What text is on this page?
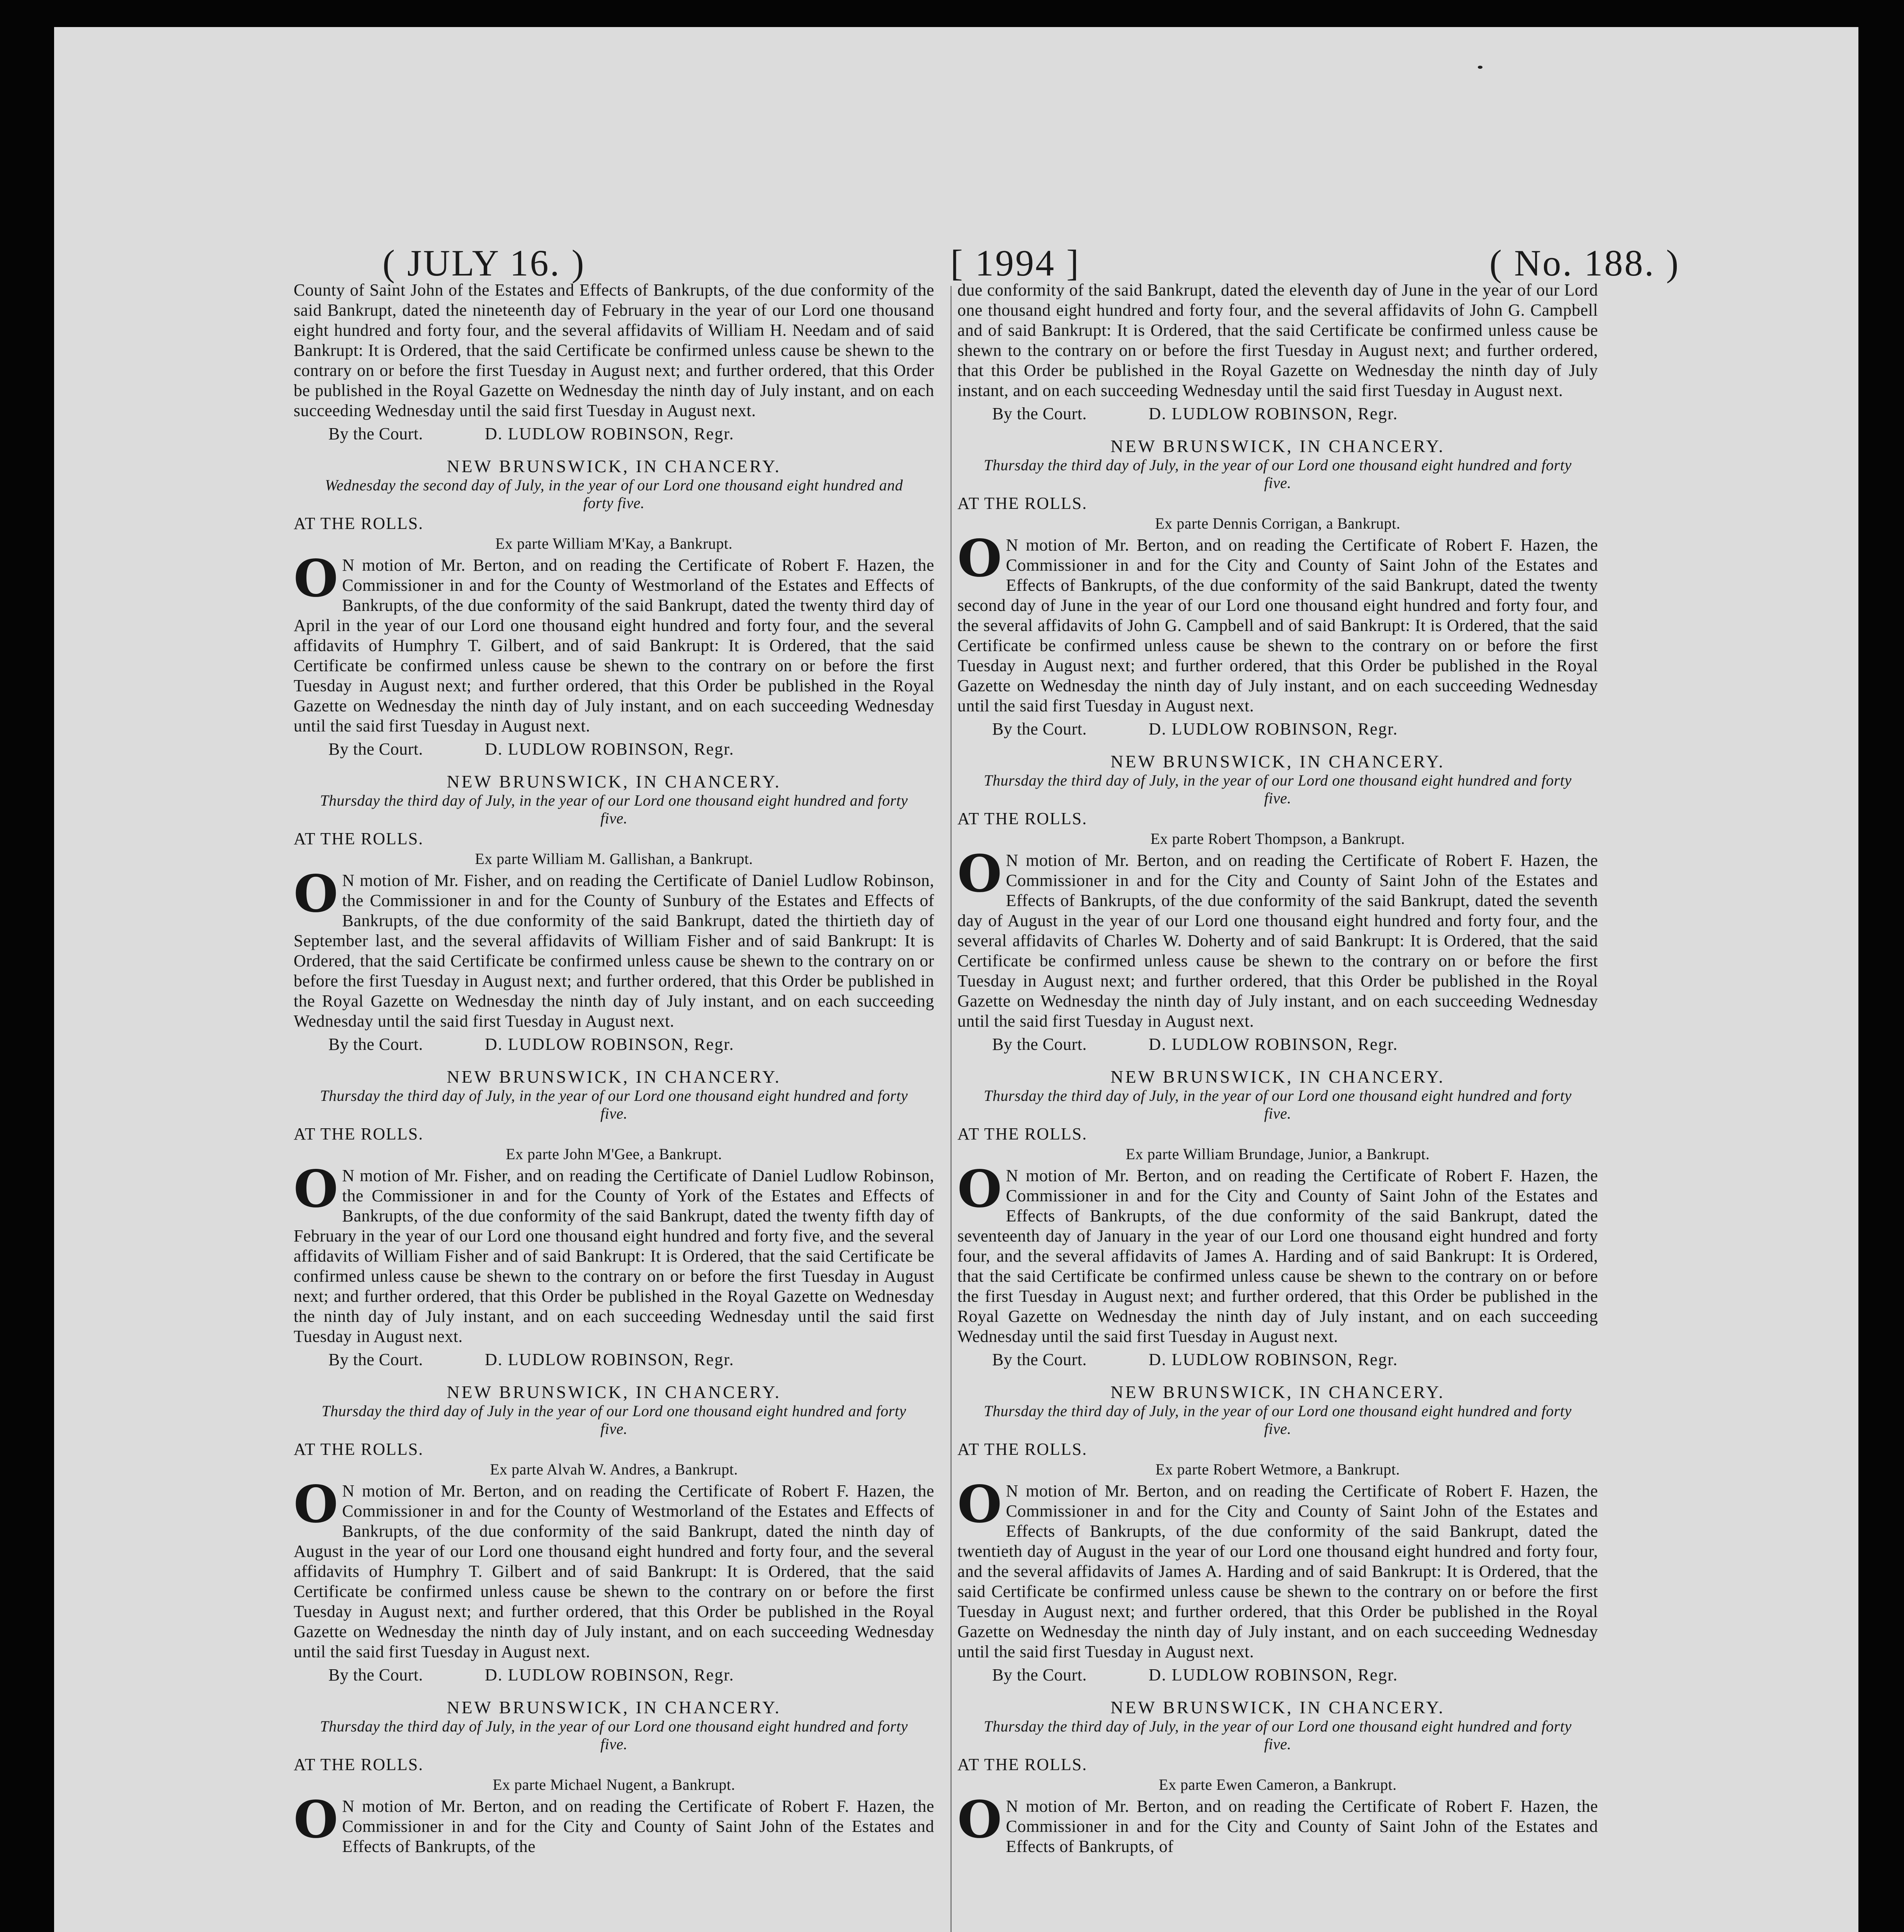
( JULY 16. )	[ 1994 ]	( No. 188. )

County of Saint John of the Estates and Effects of Bankrupts, of the due conformity of the said Bankrupt, dated the nineteenth day of February in the year of our Lord one thousand eight hundred and forty four, and the several affidavits of William H. Needam and of said Bankrupt: It is Ordered, that the said Certificate be confirmed unless cause be shewn to the contrary on or before the first Tuesday in August next; and further ordered, that this Order be published in the Royal Gazette on Wednesday the ninth day of July instant, and on each succeeding Wednesday until the said first Tuesday in August next.

By the Court.	D. LUDLOW ROBINSON, Regr.

NEW BRUNSWICK, IN CHANCERY.

Wednesday the second day of July, in the year of our Lord one thousand eight hundred and forty five.

AT THE ROLLS.

Ex parte William M'Kay, a Bankrupt.

O N motion of Mr. Berton, and on reading the Certificate of Robert F. Hazen, the Commissioner in and for the County of Westmorland of the Estates and Effects of Bankrupts, of the due conformity of the said Bankrupt, dated the twenty third day of April in the year of our Lord one thousand eight hundred and forty four, and the several affidavits of Humphry T. Gilbert, and of said Bankrupt: It is Ordered, that the said Certificate be confirmed unless cause be shewn to the contrary on or before the first Tuesday in August next; and further ordered, that this Order be published in the Royal Gazette on Wednesday the ninth day of July instant, and on each succeeding Wednesday until the said first Tuesday in August next.

By the Court.	D. LUDLOW ROBINSON, Regr.

NEW BRUNSWICK, IN CHANCERY.

Thursday the third day of July, in the year of our Lord one thousand eight hundred and forty five.

AT THE ROLLS.

Ex parte William M. Gallishan, a Bankrupt.

O N motion of Mr. Fisher, and on reading the Certificate of Daniel Ludlow Robinson, the Commissioner in and for the County of Sunbury of the Estates and Effects of Bankrupts, of the due conformity of the said Bankrupt, dated the thirtieth day of September last, and the several affidavits of William Fisher and of said Bankrupt: It is Ordered, that the said Certificate be confirmed unless cause be shewn to the contrary on or before the first Tuesday in August next; and further ordered, that this Order be published in the Royal Gazette on Wednesday the ninth day of July instant, and on each succeeding Wednesday until the said first Tuesday in August next.

By the Court.	D. LUDLOW ROBINSON, Regr.

NEW BRUNSWICK, IN CHANCERY.

Thursday the third day of July, in the year of our Lord one thousand eight hundred and forty five.

AT THE ROLLS.

Ex parte John M'Gee, a Bankrupt.

O N motion of Mr. Fisher, and on reading the Certificate of Daniel Ludlow Robinson, the Commissioner in and for the County of York of the Estates and Effects of Bankrupts, of the due conformity of the said Bankrupt, dated the twenty fifth day of February in the year of our Lord one thousand eight hundred and forty five, and the several affidavits of William Fisher and of said Bankrupt: It is Ordered, that the said Certificate be confirmed unless cause be shewn to the contrary on or before the first Tuesday in August next; and further ordered, that this Order be published in the Royal Gazette on Wednesday the ninth day of July instant, and on each succeeding Wednesday until the said first Tuesday in August next.

By the Court.	D. LUDLOW ROBINSON, Regr.

NEW BRUNSWICK, IN CHANCERY.

Thursday the third day of July in the year of our Lord one thousand eight hundred and forty five.

AT THE ROLLS.

Ex parte Alvah W. Andres, a Bankrupt.

O N motion of Mr. Berton, and on reading the Certificate of Robert F. Hazen, the Commissioner in and for the County of Westmorland of the Estates and Effects of Bankrupts, of the due conformity of the said Bankrupt, dated the ninth day of August in the year of our Lord one thousand eight hundred and forty four, and the several affidavits of Humphry T. Gilbert and of said Bankrupt: It is Ordered, that the said Certificate be confirmed unless cause be shewn to the contrary on or before the first Tuesday in August next; and further ordered, that this Order be published in the Royal Gazette on Wednesday the ninth day of July instant, and on each succeeding Wednesday until the said first Tuesday in August next.

By the Court.	D. LUDLOW ROBINSON, Regr.

NEW BRUNSWICK, IN CHANCERY.

Thursday the third day of July, in the year of our Lord one thousand eight hundred and forty five.

AT THE ROLLS.

Ex parte Michael Nugent, a Bankrupt.

O N motion of Mr. Berton, and on reading the Certificate of Robert F. Hazen, the Commissioner in and for the City and County of Saint John of the Estates and Effects of Bankrupts, of the

due conformity of the said Bankrupt, dated the eleventh day of June in the year of our Lord one thousand eight hundred and forty four, and the several affidavits of John G. Campbell and of said Bankrupt: It is Ordered, that the said Certificate be confirmed unless cause be shewn to the contrary on or before the first Tuesday in August next; and further ordered, that this Order be published in the Royal Gazette on Wednesday the ninth day of July instant, and on each succeeding Wednesday until the said first Tuesday in August next.

By the Court.	D. LUDLOW ROBINSON, Regr.

NEW BRUNSWICK, IN CHANCERY.

Thursday the third day of July, in the year of our Lord one thousand eight hundred and forty five.

AT THE ROLLS.

Ex parte Dennis Corrigan, a Bankrupt.

O N motion of Mr. Berton, and on reading the Certificate of Robert F. Hazen, the Commissioner in and for the City and County of Saint John of the Estates and Effects of Bankrupts, of the due conformity of the said Bankrupt, dated the twenty second day of June in the year of our Lord one thousand eight hundred and forty four, and the several affidavits of John G. Campbell and of said Bankrupt: It is Ordered, that the said Certificate be confirmed unless cause be shewn to the contrary on or before the first Tuesday in August next; and further ordered, that this Order be published in the Royal Gazette on Wednesday the ninth day of July instant, and on each succeeding Wednesday until the said first Tuesday in August next.

By the Court.	D. LUDLOW ROBINSON, Regr.

NEW BRUNSWICK, IN CHANCERY.

Thursday the third day of July, in the year of our Lord one thousand eight hundred and forty five.

AT THE ROLLS.

Ex parte Robert Thompson, a Bankrupt.

O N motion of Mr. Berton, and on reading the Certificate of Robert F. Hazen, the Commissioner in and for the City and County of Saint John of the Estates and Effects of Bankrupts, of the due conformity of the said Bankrupt, dated the seventh day of August in the year of our Lord one thousand eight hundred and forty four, and the several affidavits of Charles W. Doherty and of said Bankrupt: It is Ordered, that the said Certificate be confirmed unless cause be shewn to the contrary on or before the first Tuesday in August next; and further ordered, that this Order be published in the Royal Gazette on Wednesday the ninth day of July instant, and on each succeeding Wednesday until the said first Tuesday in August next.

By the Court.	D. LUDLOW ROBINSON, Regr.

NEW BRUNSWICK, IN CHANCERY.

Thursday the third day of July, in the year of our Lord one thousand eight hundred and forty five.

AT THE ROLLS.

Ex parte William Brundage, Junior, a Bankrupt.

O N motion of Mr. Berton, and on reading the Certificate of Robert F. Hazen, the Commissioner in and for the City and County of Saint John of the Estates and Effects of Bankrupts, of the due conformity of the said Bankrupt, dated the seventeenth day of January in the year of our Lord one thousand eight hundred and forty four, and the several affidavits of James A. Harding and of said Bankrupt: It is Ordered, that the said Certificate be confirmed unless cause be shewn to the contrary on or before the first Tuesday in August next; and further ordered, that this Order be published in the Royal Gazette on Wednesday the ninth day of July instant, and on each succeeding Wednesday until the said first Tuesday in August next.

By the Court.	D. LUDLOW ROBINSON, Regr.

NEW BRUNSWICK, IN CHANCERY.

Thursday the third day of July, in the year of our Lord one thousand eight hundred and forty five.

AT THE ROLLS.

Ex parte Robert Wetmore, a Bankrupt.

O N motion of Mr. Berton, and on reading the Certificate of Robert F. Hazen, the Commissioner in and for the City and County of Saint John of the Estates and Effects of Bankrupts, of the due conformity of the said Bankrupt, dated the twentieth day of August in the year of our Lord one thousand eight hundred and forty four, and the several affidavits of James A. Harding and of said Bankrupt: It is Ordered, that the said Certificate be confirmed unless cause be shewn to the contrary on or before the first Tuesday in August next; and further ordered, that this Order be published in the Royal Gazette on Wednesday the ninth day of July instant, and on each succeeding Wednesday until the said first Tuesday in August next.

By the Court.	D. LUDLOW ROBINSON, Regr.

NEW BRUNSWICK, IN CHANCERY.

Thursday the third day of July, in the year of our Lord one thousand eight hundred and forty five.

AT THE ROLLS.

Ex parte Ewen Cameron, a Bankrupt.

O N motion of Mr. Berton, and on reading the Certificate of Robert F. Hazen, the Commissioner in and for the City and County of Saint John of the Estates and Effects of Bankrupts, of
